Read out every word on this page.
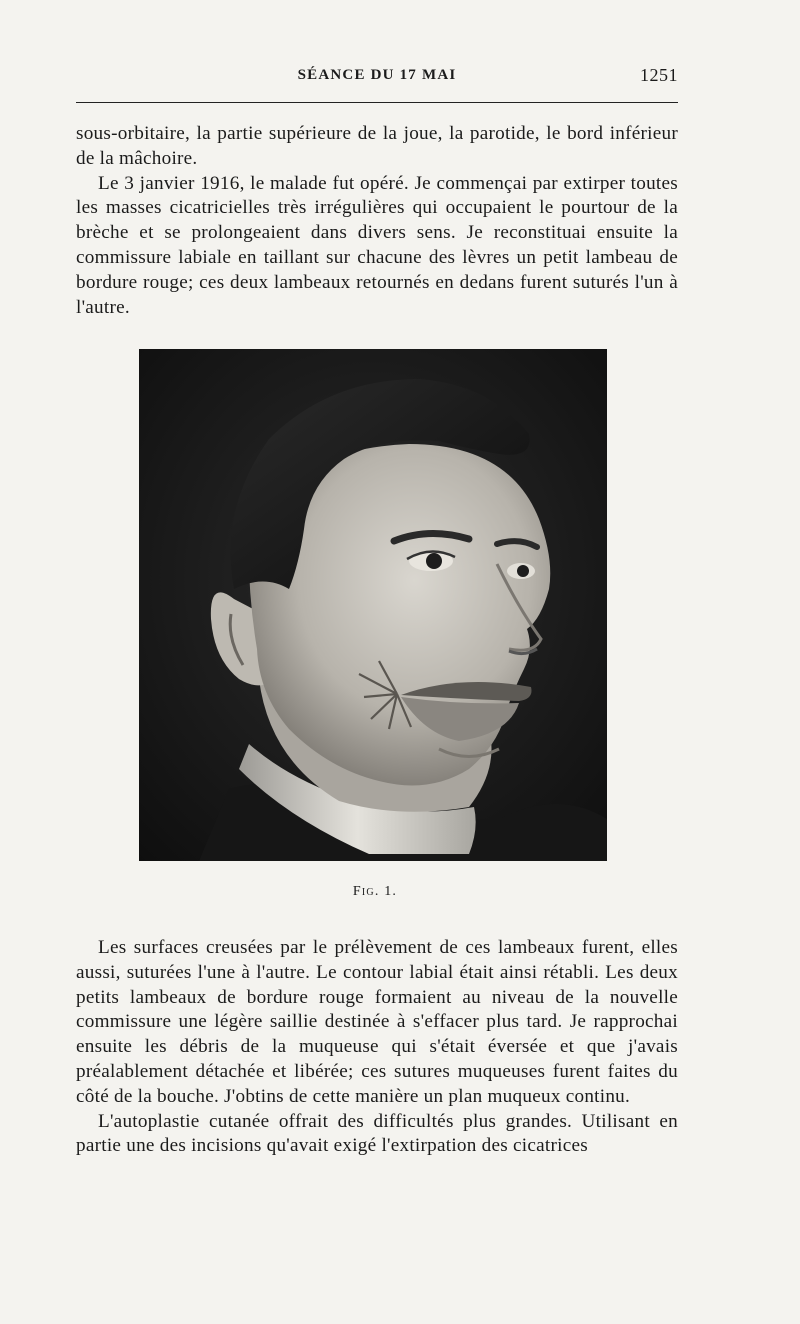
SÉANCE DU 17 MAI	1251

sous-orbitaire, la partie supérieure de la joue, la parotide, le bord inférieur de la mâchoire.

Le 3 janvier 1916, le malade fut opéré. Je commençai par extirper toutes les masses cicatricielles très irrégulières qui occupaient le pourtour de la brèche et se prolongeaient dans divers sens. Je reconstituai ensuite la commissure labiale en taillant sur chacune des lèvres un petit lambeau de bordure rouge; ces deux lambeaux retournés en dedans furent suturés l'un à l'autre.

Fig. 1.

Les surfaces creusées par le prélèvement de ces lambeaux furent, elles aussi, suturées l'une à l'autre. Le contour labial était ainsi rétabli. Les deux petits lambeaux de bordure rouge formaient au niveau de la nouvelle commissure une légère saillie destinée à s'effacer plus tard. Je rapprochai ensuite les débris de la muqueuse qui s'était éversée et que j'avais préalablement détachée et libérée; ces sutures muqueuses furent faites du côté de la bouche. J'obtins de cette manière un plan muqueux continu.

L'autoplastie cutanée offrait des difficultés plus grandes. Utilisant en partie une des incisions qu'avait exigé l'extirpation des cicatrices
